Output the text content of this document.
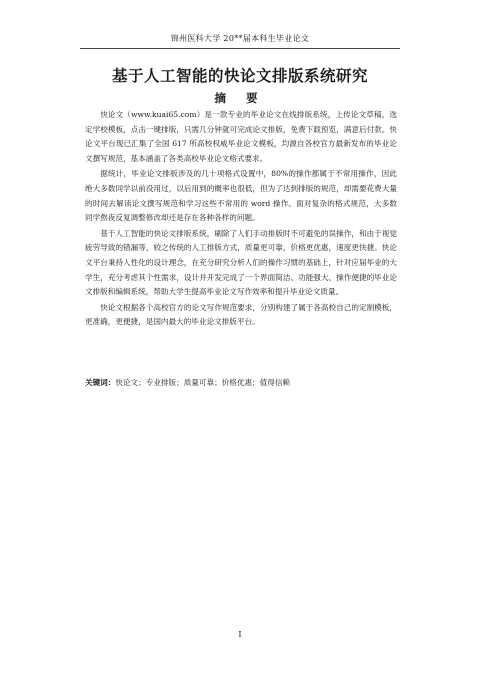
锦州医科大学 20**届本科生毕业论文
基于人工智能的快论文排版系统研究
摘 要

快论文（www.kuai65.com）是一款专业的毕业论文在线排版系统，上传论文草稿，选定学校模板，点击一键排版，只需几分钟就可完成论文排版，免费下载预览，满意后付款。快论文平台现已汇集了全国 617 所高校权威毕业论文模板，均源自各校官方最新发布的毕业论文撰写规范，基本涵盖了各类高校毕业论文格式要求。

据统计，毕业论文排版涉及的几十项格式设置中，80%的操作都属于不常用操作，因此绝大多数同学以前没用过，以后用到的概率也很低，但为了达到排版的规范，却需要花费大量的时间去解读论文撰写规范和学习这些不常用的 word 操作。面对复杂的格式规范，大多数同学熬夜反复调整修改却还是存在各种各样的问题。

基于人工智能的快论文排版系统，刷除了人们手动排版时不可避免的误操作，和由于视觉疲劳导致的错漏等，较之传统的人工排版方式，质量更可靠，价格更优惠，速度更快捷。快论文平台秉持人性化的设计理念，在充分研究分析人们的操作习惯的基础上，针对应届毕业的大学生，充分考虑其个性需求，设计并开发完成了一个界面简洁、功能强大、操作便捷的毕业论文排版和编辑系统，帮助大学生提高毕业论文写作效率和提升毕业论文质量。

快论文根据各个高校官方的论文写作规范要求，分别构建了属于各高校自己的定制模板，更准确，更便捷，是国内最大的毕业论文排版平台。

关键词：快论文；专业排版；质量可靠；价格优惠；值得信赖
I
